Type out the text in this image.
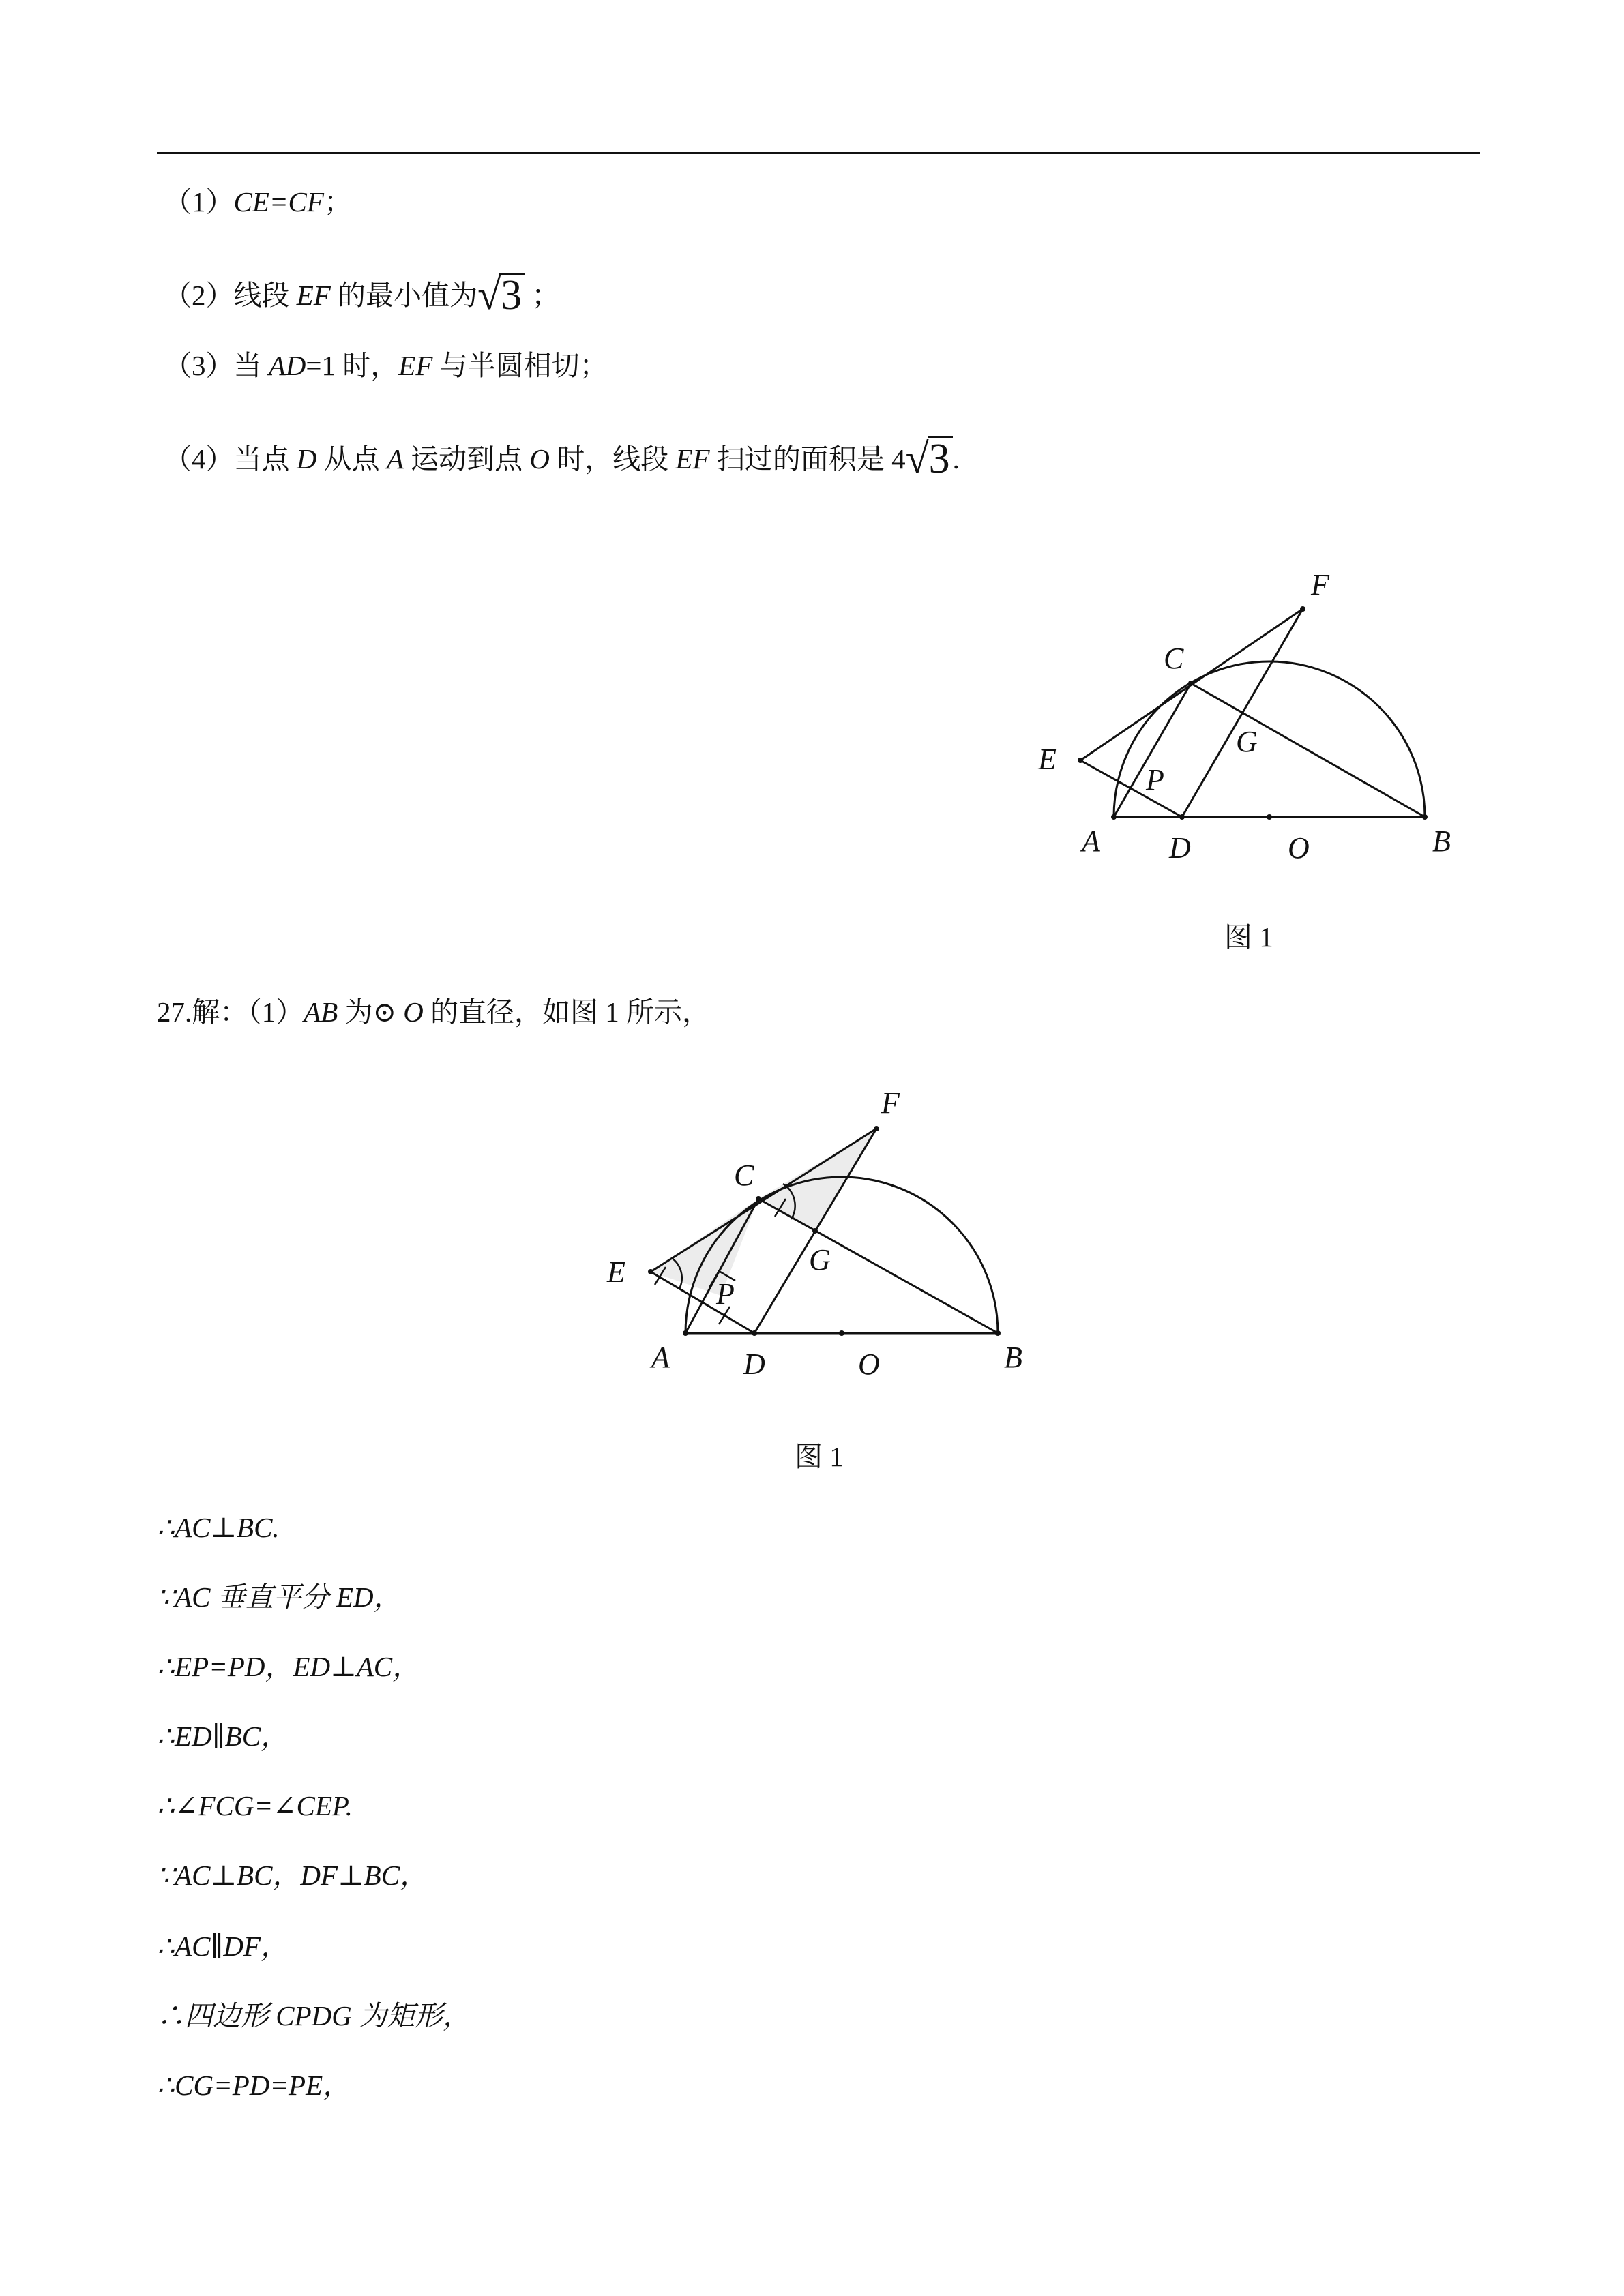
（1）CE=CF；
（2）线段 EF 的最小值为√3 ；
（3）当 AD=1 时，EF 与半圆相切；
（4）当点 D 从点 A 运动到点 O 时，线段 EF 扫过的面积是 4√3.
F
C
G
E
P
A D	O	B
图 1
27.解：（1）AB 为⊙ O 的直径，如图 1 所示，
F
C
G
E
P
A D	O	B
图 1
∴AC⊥BC.
∵AC 垂直平分 ED，
∴EP=PD，ED⊥AC，
∴ED∥BC，
∴∠FCG=∠CEP.
∵AC⊥BC，DF⊥BC，
∴AC∥DF，
∴四边形 CPDG 为矩形，
∴CG=PD=PE，
